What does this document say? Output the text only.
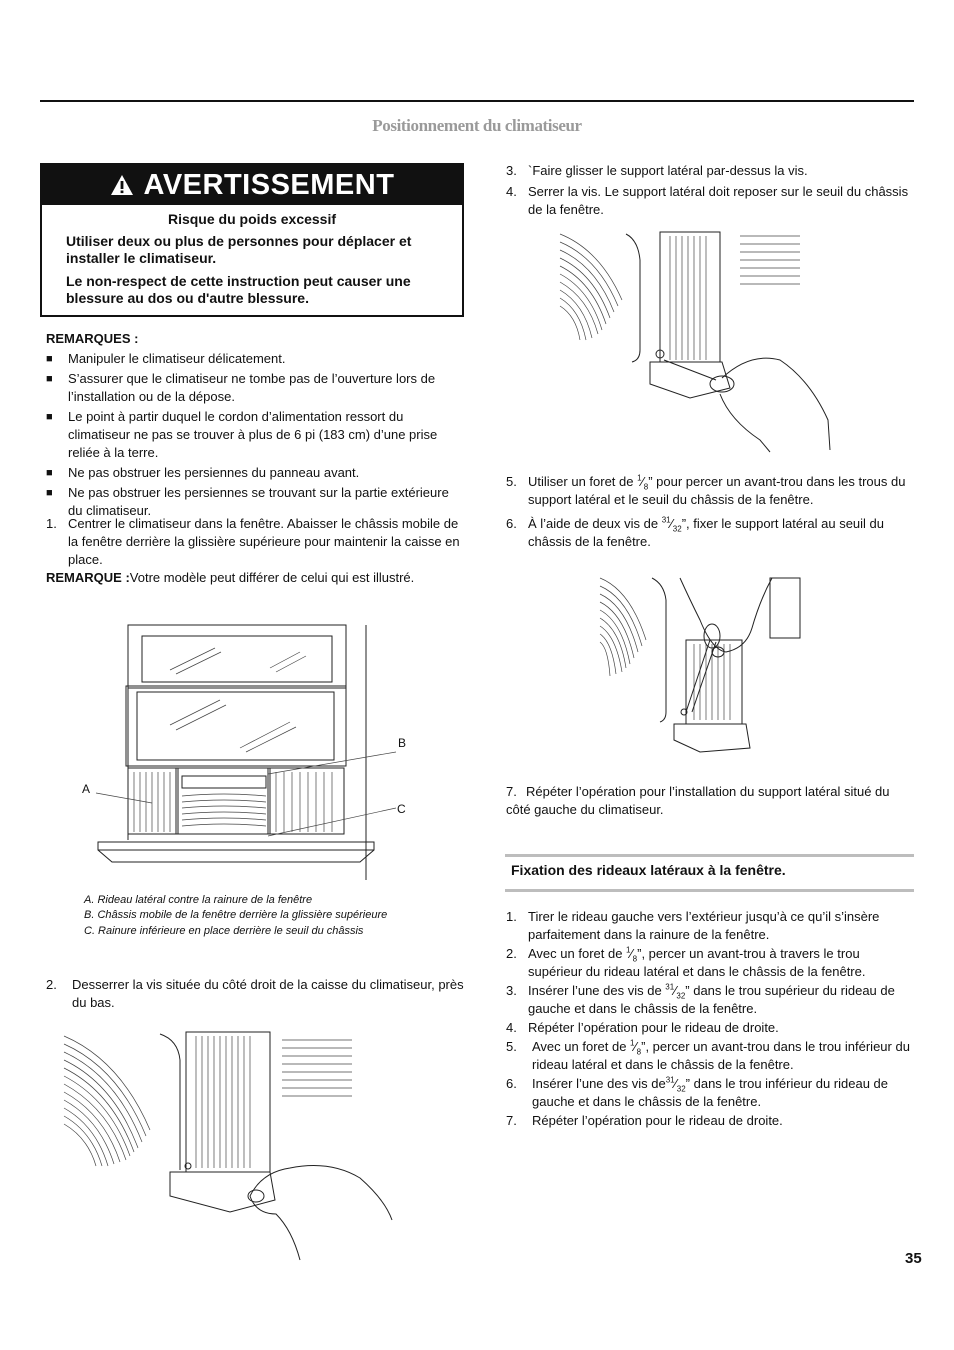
Positionnement du climatiseur
AVERTISSEMENT
Risque du poids excessif
Utiliser deux ou plus de personnes pour déplacer et installer le climatiseur.
Le non-respect de cette instruction peut causer une blessure au dos ou d'autre blessure.
REMARQUES :
■ Manipuler le climatiseur délicatement.
■ S’assurer que le climatiseur ne tombe pas de l’ouverture lors de l’installation ou de la dépose.
■ Le point à partir duquel le cordon d’alimentation ressort du climatiseur ne pas se trouver à plus de 6 pi (183 cm) d’une prise reliée à la terre.
■ Ne pas obstruer les persiennes du panneau avant.
■ Ne pas obstruer les persiennes se trouvant sur la partie extérieure du climatiseur.
1. Centrer le climatiseur dans la fenêtre. Abaisser le châssis mobile de la fenêtre derrière la glissière supérieure pour maintenir la caisse en place.
REMARQUE :Votre modèle peut différer de celui qui est illustré.
A
B
C
A. Rideau latéral contre la rainure de la fenêtre
B. Châssis mobile de la fenêtre derrière la glissière supérieure
C. Rainure inférieure en place derrière le seuil du châssis
2. Desserrer la vis située du côté droit de la caisse du climatiseur, près du bas.
3. `Faire glisser le support latéral par-dessus la vis.
4. Serrer la vis. Le support latéral doit reposer sur le seuil du châssis de la fenêtre.
5. Utiliser un foret de $^1⁄_8$” pour percer un avant-trou dans les trous du support latéral et le seuil du châssis de la fenêtre.
6. À l’aide de deux vis de $^{31}⁄_{32}$”, fixer le support latéral au seuil du châssis de la fenêtre.
7. Répéter l’opération pour l’installation du support latéral situé du côté gauche du climatiseur.
Fixation des rideaux latéraux à la fenêtre.
1. Tirer le rideau gauche vers l’extérieur jusqu’à ce qu’il s’insère parfaitement dans la rainure de la fenêtre.
2. Avec un foret de $^1⁄_8$”, percer un avant-trou à travers le trou supérieur du rideau latéral et dans le châssis de la fenêtre.
3. Insérer l’une des vis de $^{31}⁄_{32}$” dans le trou supérieur du rideau de gauche et dans le châssis de la fenêtre.
4. Répéter l’opération pour le rideau de droite.
5. Avec un foret de $^1⁄_8$”, percer un avant-trou dans le trou inférieur du rideau latéral et dans le châssis de la fenêtre.
6. Insérer l’une des vis $de^{31}⁄_{32}$” dans le trou inférieur du rideau de gauche et dans le châssis de la fenêtre.
7. Répéter l’opération pour le rideau de droite.
35
